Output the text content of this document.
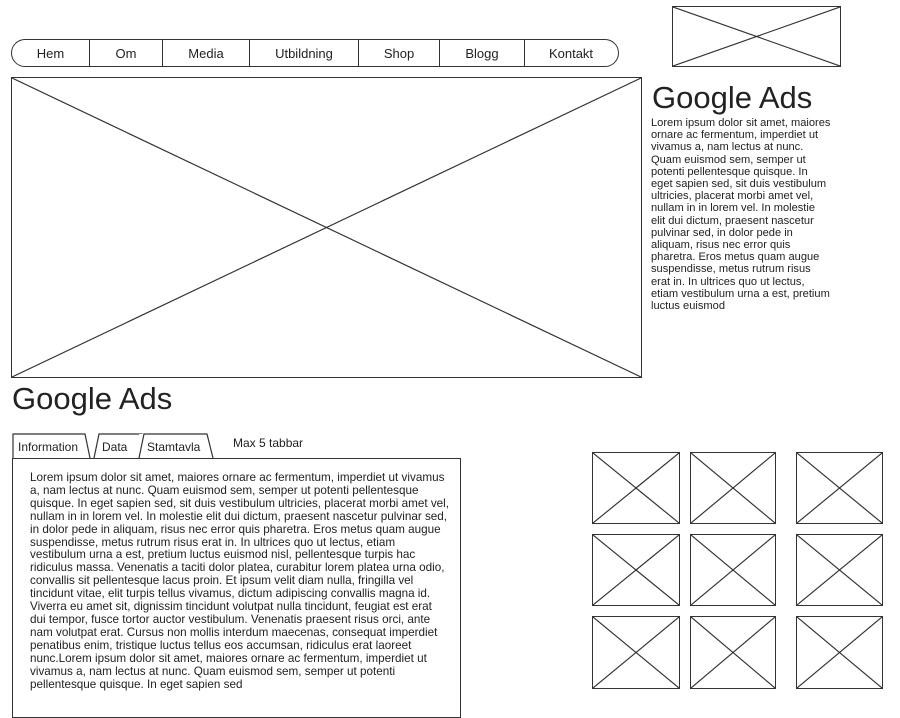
Hem	Om	Media	Utbildning	Shop	Blogg	Kontakt
Google Ads
Lorem ipsum dolor sit amet, maiores ornare ac fermentum, imperdiet ut vivamus a, nam lectus at nunc. Quam euismod sem, semper ut potenti pellentesque quisque. In eget sapien sed, sit duis vestibulum ultricies, placerat morbi amet vel, nullam in in lorem vel. In molestie elit dui dictum, praesent nascetur pulvinar sed, in dolor pede in aliquam, risus nec error quis pharetra. Eros metus quam augue suspendisse, metus rutrum risus erat in. In ultrices quo ut lectus, etiam vestibulum urna a est, pretium luctus euismod
Google Ads
Information	Data	Stamtavla	Max 5 tabbar
Lorem ipsum dolor sit amet, maiores ornare ac fermentum, imperdiet ut vivamus a, nam lectus at nunc. Quam euismod sem, semper ut potenti pellentesque quisque. In eget sapien sed, sit duis vestibulum ultricies, placerat morbi amet vel, nullam in in lorem vel. In molestie elit dui dictum, praesent nascetur pulvinar sed, in dolor pede in aliquam, risus nec error quis pharetra. Eros metus quam augue suspendisse, metus rutrum risus erat in. In ultrices quo ut lectus, etiam vestibulum urna a est, pretium luctus euismod nisl, pellentesque turpis hac ridiculus massa. Venenatis a taciti dolor platea, curabitur lorem platea urna odio, convallis sit pellentesque lacus proin. Et ipsum velit diam nulla, fringilla vel tincidunt vitae, elit turpis tellus vivamus, dictum adipiscing convallis magna id. Viverra eu amet sit, dignissim tincidunt volutpat nulla tincidunt, feugiat est erat dui tempor, fusce tortor auctor vestibulum. Venenatis praesent risus orci, ante nam volutpat erat. Cursus non mollis interdum maecenas, consequat imperdiet penatibus enim, tristique luctus tellus eos accumsan, ridiculus erat laoreet nunc.Lorem ipsum dolor sit amet, maiores ornare ac fermentum, imperdiet ut vivamus a, nam lectus at nunc. Quam euismod sem, semper ut potenti pellentesque quisque. In eget sapien sed
